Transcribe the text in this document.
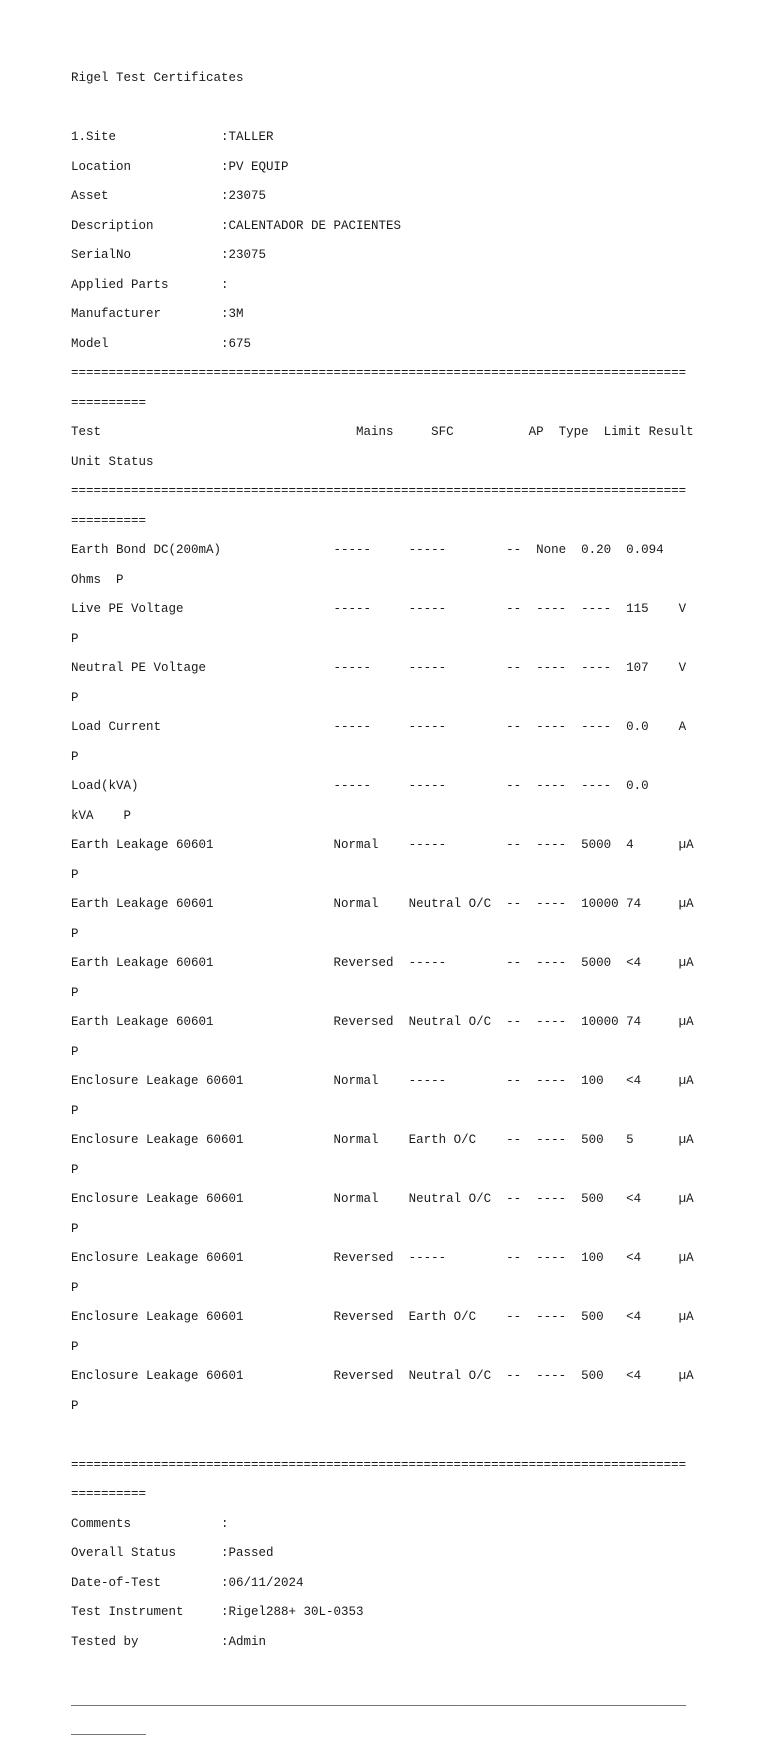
Rigel Test Certificates

1.Site              :TALLER

Location            :PV EQUIP

Asset               :23075

Description         :CALENTADOR DE PACIENTES

SerialNo            :23075

Applied Parts       :

Manufacturer        :3M

Model               :675

==================================================================================

==========

Test                                  Mains     SFC          AP  Type  Limit Result

Unit Status

==================================================================================

==========

Earth Bond DC(200mA)               -----     -----        --  None  0.20  0.094

Ohms  P

Live PE Voltage                    -----     -----        --  ----  ----  115    V

P

Neutral PE Voltage                 -----     -----        --  ----  ----  107    V

P

Load Current                       -----     -----        --  ----  ----  0.0    A

P

Load(kVA)                          -----     -----        --  ----  ----  0.0

kVA    P

Earth Leakage 60601                Normal    -----        --  ----  5000  4      µA

P

Earth Leakage 60601                Normal    Neutral O/C  --  ----  10000 74     µA

P

Earth Leakage 60601                Reversed  -----        --  ----  5000  <4     µA

P

Earth Leakage 60601                Reversed  Neutral O/C  --  ----  10000 74     µA

P

Enclosure Leakage 60601            Normal    -----        --  ----  100   <4     µA

P

Enclosure Leakage 60601            Normal    Earth O/C    --  ----  500   5      µA

P

Enclosure Leakage 60601            Normal    Neutral O/C  --  ----  500   <4     µA

P

Enclosure Leakage 60601            Reversed  -----        --  ----  100   <4     µA

P

Enclosure Leakage 60601            Reversed  Earth O/C    --  ----  500   <4     µA

P

Enclosure Leakage 60601            Reversed  Neutral O/C  --  ----  500   <4     µA

P

==================================================================================

==========

Comments            :

Overall Status      :Passed

Date-of-Test        :06/11/2024

Test Instrument     :Rigel288+ 30L-0353

Tested by           :Admin

__________________________________________________________________________________

__________
